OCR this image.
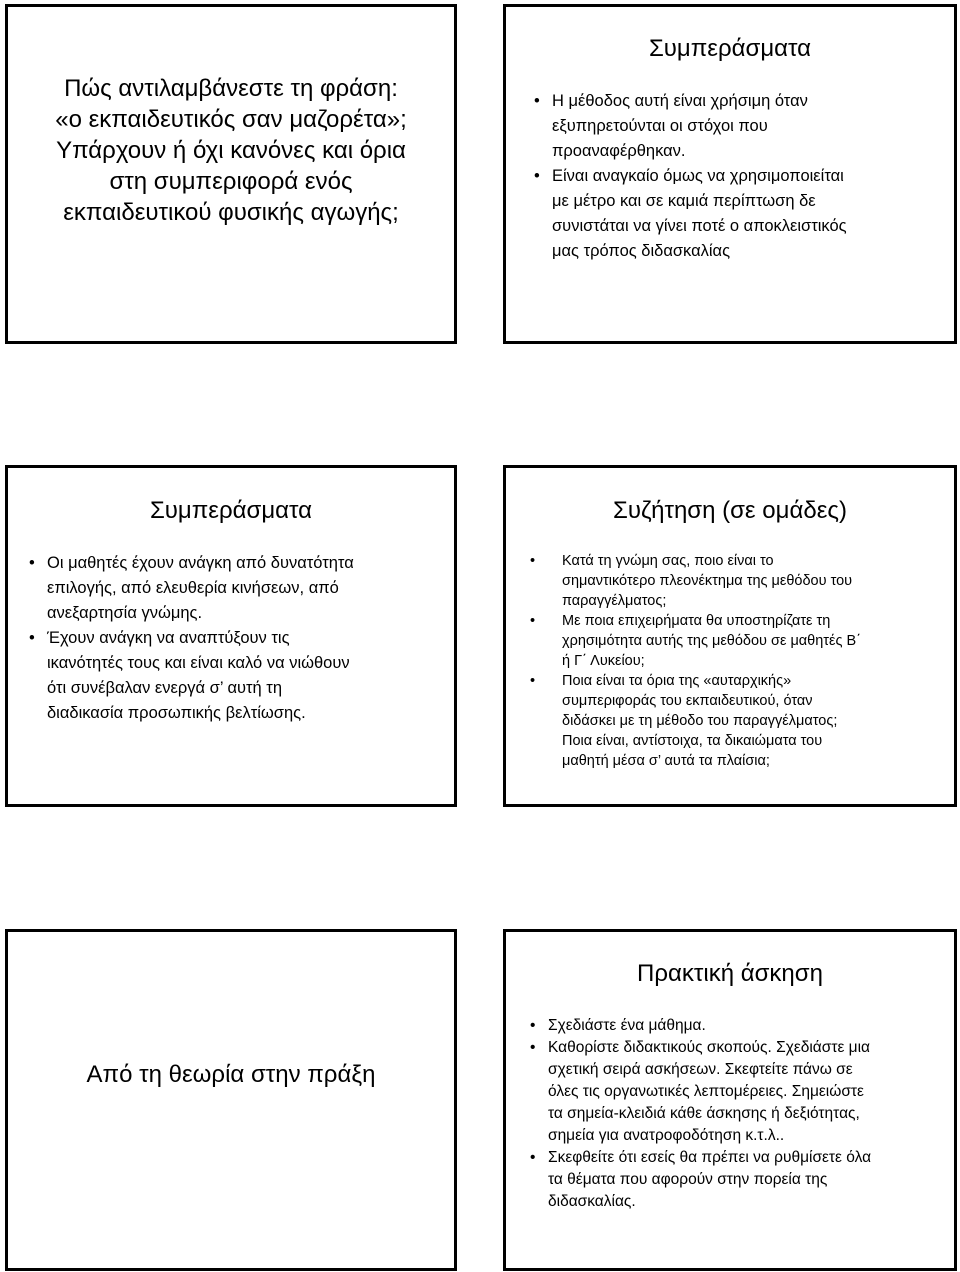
Πώς αντιλαμβάνεστε τη φράση:
«ο εκπαιδευτικός σαν μαζορέτα»;
Υπάρχουν ή όχι κανόνες και όρια
στη συμπεριφορά ενός
εκπαιδευτικού φυσικής αγωγής;
Συμπεράσματα
• Η μέθοδος αυτή είναι χρήσιμη όταν
εξυπηρετούνται οι στόχοι που
προαναφέρθηκαν.
• Είναι αναγκαίο όμως να χρησιμοποιείται
με μέτρο και σε καμιά περίπτωση δε
συνιστάται να γίνει ποτέ ο αποκλειστικός
μας τρόπος διδασκαλίας
Συμπεράσματα
• Οι μαθητές έχουν ανάγκη από δυνατότητα
επιλογής, από ελευθερία κινήσεων, από
ανεξαρτησία γνώμης.
• Έχουν ανάγκη να αναπτύξουν τις
ικανότητές τους και είναι καλό να νιώθουν
ότι συνέβαλαν ενεργά σ’ αυτή τη
διαδικασία προσωπικής βελτίωσης.
Συζήτηση (σε ομάδες)
• Κατά τη γνώμη σας, ποιο είναι το
σημαντικότερο πλεονέκτημα της μεθόδου του
παραγγέλματος;
• Με ποια επιχειρήματα θα υποστηρίζατε τη
χρησιμότητα αυτής της μεθόδου σε μαθητές Β΄
ή Γ΄ Λυκείου;
• Ποια είναι τα όρια της «αυταρχικής»
συμπεριφοράς του εκπαιδευτικού, όταν
διδάσκει με τη μέθοδο του παραγγέλματος;
Ποια είναι, αντίστοιχα, τα δικαιώματα του
μαθητή μέσα σ’ αυτά τα πλαίσια;
Από τη θεωρία στην πράξη
Πρακτική άσκηση
• Σχεδιάστε ένα μάθημα.
• Καθορίστε διδακτικούς σκοπούς. Σχεδιάστε μια
σχετική σειρά ασκήσεων. Σκεφτείτε πάνω σε
όλες τις οργανωτικές λεπτομέρειες. Σημειώστε
τα σημεία-κλειδιά κάθε άσκησης ή δεξιότητας,
σημεία για ανατροφοδότηση κ.τ.λ..
• Σκεφθείτε ότι εσείς θα πρέπει να ρυθμίσετε όλα
τα θέματα που αφορούν στην πορεία της
διδασκαλίας.
